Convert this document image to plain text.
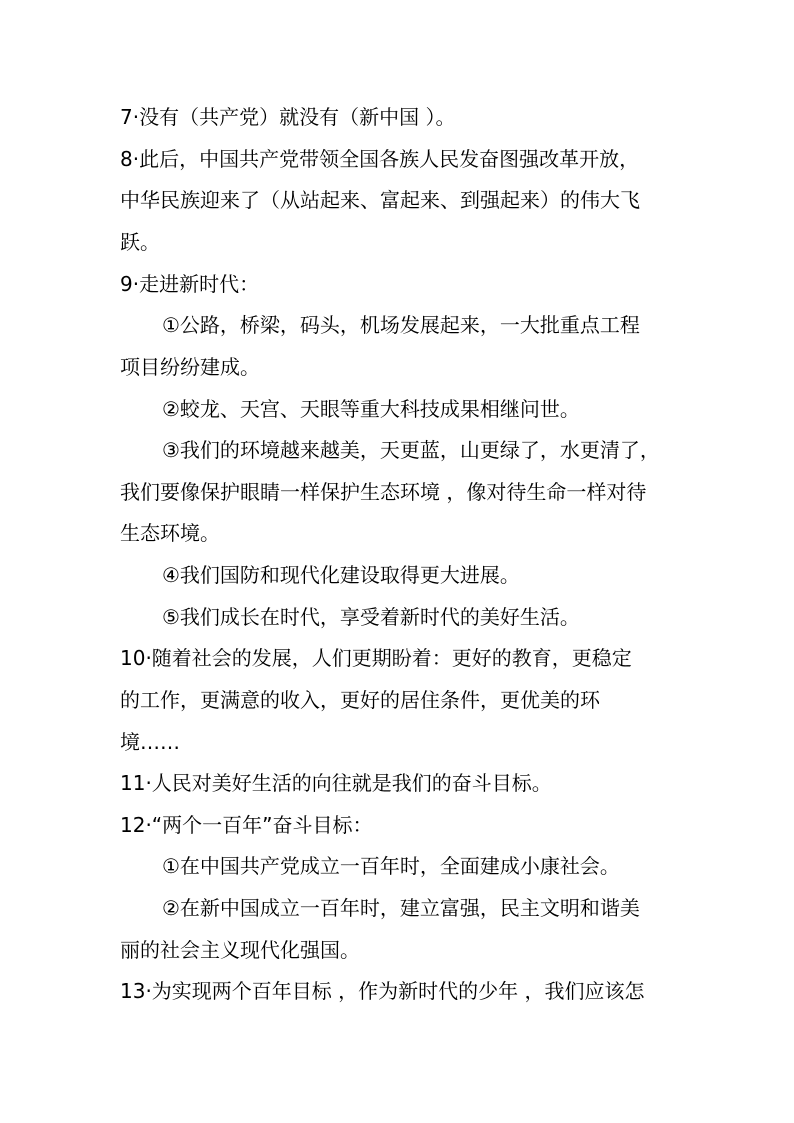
7·没有（共产党）就没有（新中国 ）。

8·此后，中国共产党带领全国各族人民发奋图强改革开放，

中华民族迎来了（从站起来、富起来、到强起来）的伟大飞

跃。

9·走进新时代：

①公路，桥梁，码头，机场发展起来，一大批重点工程

项目纷纷建成。

②蛟龙、天宫、天眼等重大科技成果相继问世。

③我们的环境越来越美，天更蓝，山更绿了，水更清了，

我们要像保护眼睛一样保护生态环境 ，像对待生命一样对待

生态环境。

④我们国防和现代化建设取得更大进展。

⑤我们成长在时代，享受着新时代的美好生活。

10·随着社会的发展，人们更期盼着：更好的教育，更稳定

的工作，更满意的收入，更好的居住条件，更优美的环

境……

11·人民对美好生活的向往就是我们的奋斗目标。

12·“两个一百年”奋斗目标：

①在中国共产党成立一百年时，全面建成小康社会。

②在新中国成立一百年时，建立富强，民主文明和谐美

丽的社会主义现代化强国。

13·为实现两个百年目标 ，作为新时代的少年 ，我们应该怎
